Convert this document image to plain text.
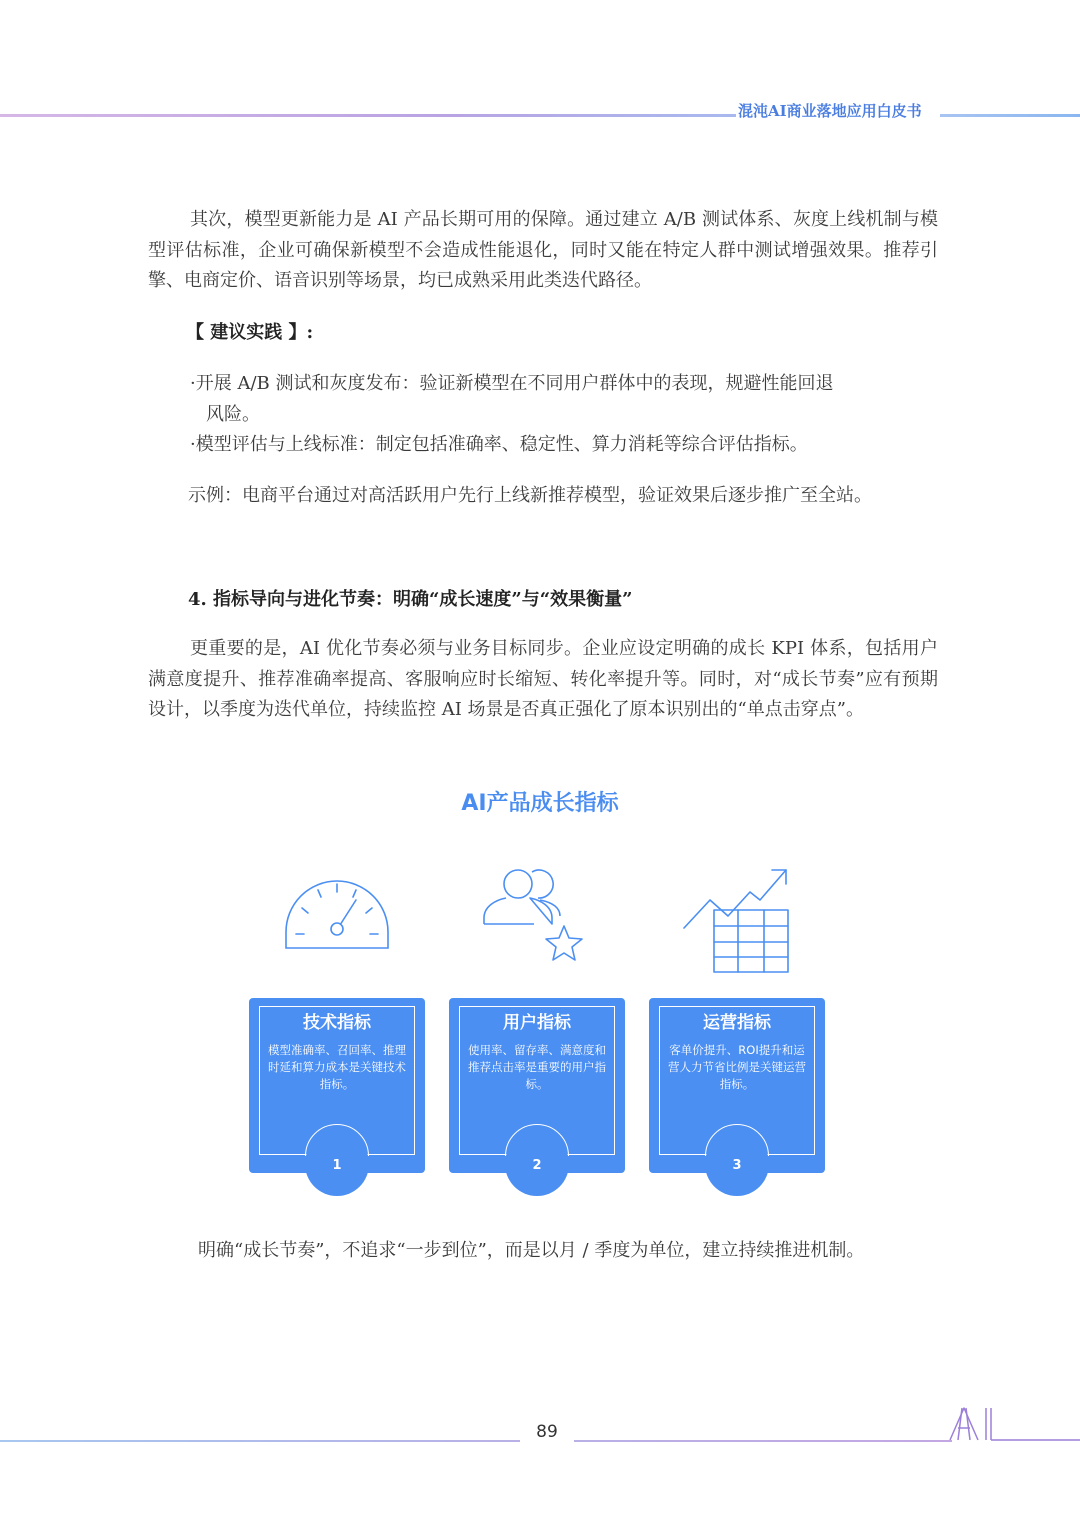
混沌AI商业落地应用白皮书

其次，模型更新能力是 AI 产品长期可用的保障。通过建立 A/B 测试体系、灰度上线机制与模型评估标准，企业可确保新模型不会造成性能退化，同时又能在特定人群中测试增强效果。推荐引擎、电商定价、语音识别等场景，均已成熟采用此类迭代路径。

【 建议实践 】:
·开展 A/B 测试和灰度发布：验证新模型在不同用户群体中的表现，规避性能回退
风险。
·模型评估与上线标准：制定包括准确率、稳定性、算力消耗等综合评估指标。

示例：电商平台通过对高活跃用户先行上线新推荐模型，验证效果后逐步推广至全站。

4. 指标导向与进化节奏：明确“成长速度”与“效果衡量”

更重要的是，AI 优化节奏必须与业务目标同步。企业应设定明确的成长 KPI 体系，包括用户满意度提升、推荐准确率提高、客服响应时长缩短、转化率提升等。同时，对“成长节奏”应有预期设计，以季度为迭代单位，持续监控 AI 场景是否真正强化了原本识别出的“单点击穿点”。

AI产品成长指标
技术指标
模型准确率、召回率、推理时延和算力成本是关键技术指标。
1
用户指标
使用率、留存率、满意度和推荐点击率是重要的用户指标。
2
运营指标
客单价提升、ROI提升和运营人力节省比例是关键运营指标。
3
明确“成长节奏”，不追求“一步到位”，而是以月 / 季度为单位，建立持续推进机制。
89
